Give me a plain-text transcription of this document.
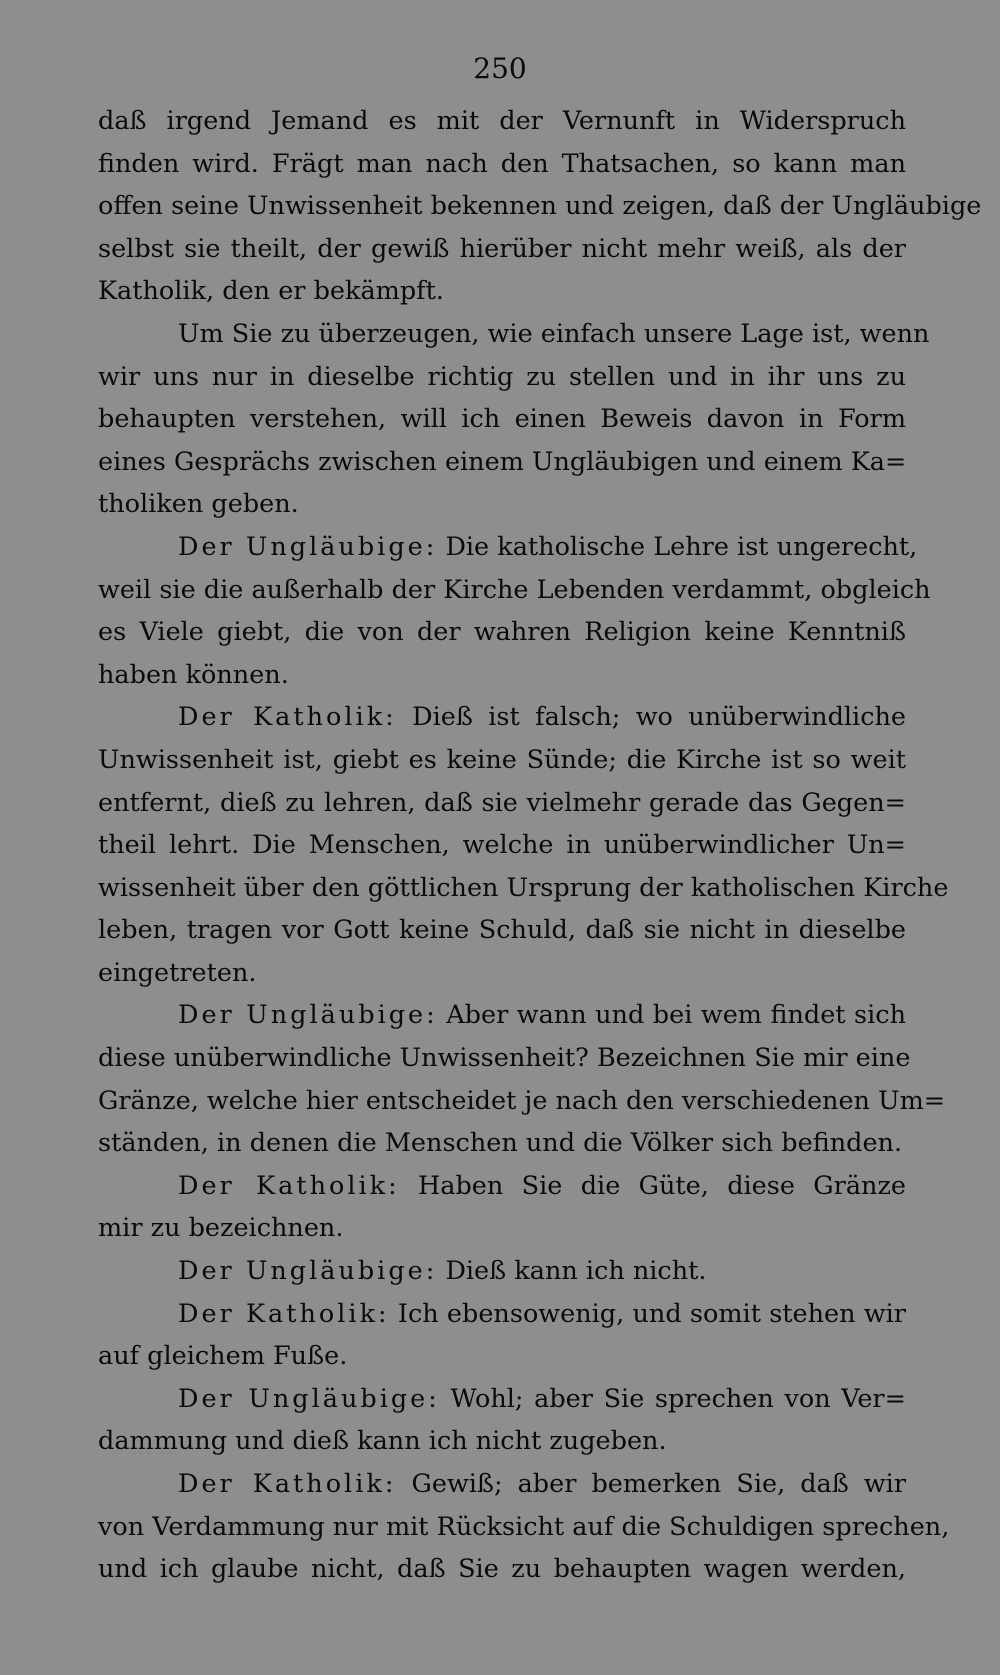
250
daß irgend Jemand es mit der Vernunft in Widerspruch
finden wird. Frägt man nach den Thatsachen, so kann man
offen seine Unwissenheit bekennen und zeigen, daß der Ungläubige
selbst sie theilt, der gewiß hierüber nicht mehr weiß, als der
Katholik, den er bekämpft.
Um Sie zu überzeugen, wie einfach unsere Lage ist, wenn
wir uns nur in dieselbe richtig zu stellen und in ihr uns zu
behaupten verstehen, will ich einen Beweis davon in Form
eines Gesprächs zwischen einem Ungläubigen und einem Ka=
tholiken geben.
Der Ungläubige: Die katholische Lehre ist ungerecht,
weil sie die außerhalb der Kirche Lebenden verdammt, obgleich
es Viele giebt, die von der wahren Religion keine Kenntniß
haben können.
Der Katholik: Dieß ist falsch; wo unüberwindliche
Unwissenheit ist, giebt es keine Sünde; die Kirche ist so weit
entfernt, dieß zu lehren, daß sie vielmehr gerade das Gegen=
theil lehrt. Die Menschen, welche in unüberwindlicher Un=
wissenheit über den göttlichen Ursprung der katholischen Kirche
leben, tragen vor Gott keine Schuld, daß sie nicht in dieselbe
eingetreten.
Der Ungläubige: Aber wann und bei wem findet sich
diese unüberwindliche Unwissenheit? Bezeichnen Sie mir eine
Gränze, welche hier entscheidet je nach den verschiedenen Um=
ständen, in denen die Menschen und die Völker sich befinden.
Der Katholik: Haben Sie die Güte, diese Gränze
mir zu bezeichnen.
Der Ungläubige: Dieß kann ich nicht.
Der Katholik: Ich ebensowenig, und somit stehen wir
auf gleichem Fuße.
Der Ungläubige: Wohl; aber Sie sprechen von Ver=
dammung und dieß kann ich nicht zugeben.
Der Katholik: Gewiß; aber bemerken Sie, daß wir
von Verdammung nur mit Rücksicht auf die Schuldigen sprechen,
und ich glaube nicht, daß Sie zu behaupten wagen werden,
